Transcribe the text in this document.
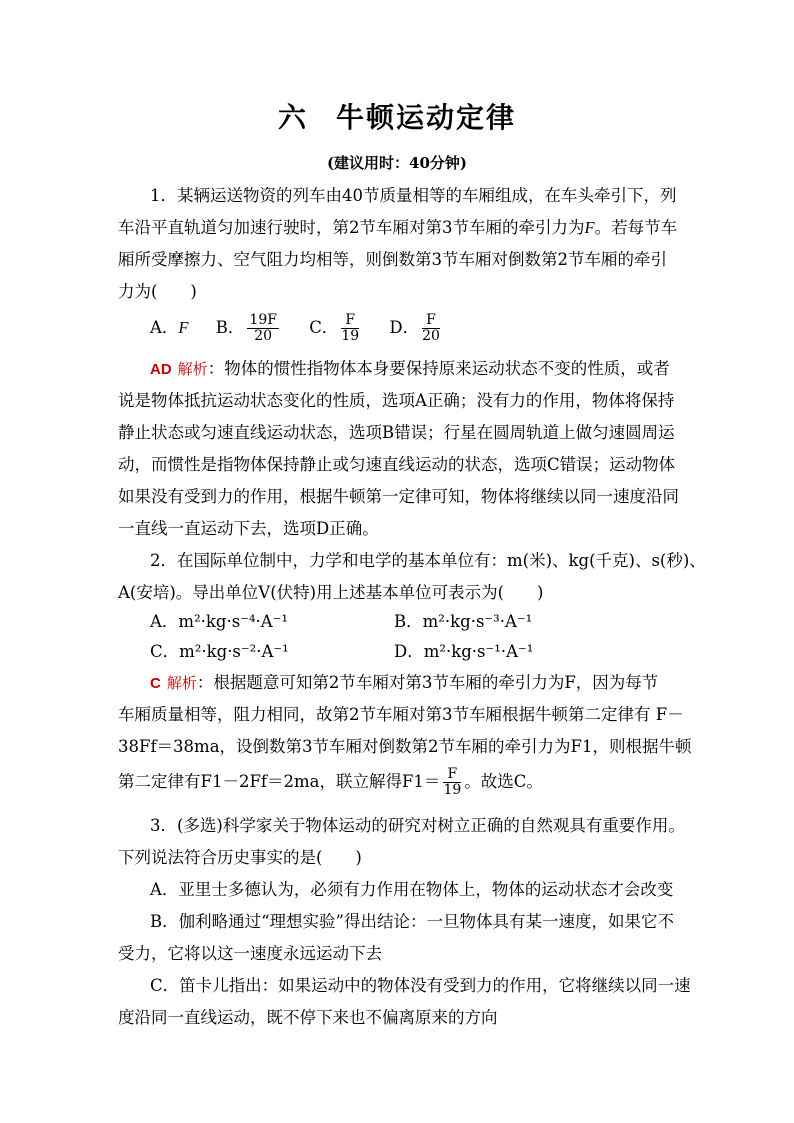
六 牛顿运动定律
(建议用时：40分钟)
1．某辆运送物资的列车由40节质量相等的车厢组成，在车头牵引下，列
车沿平直轨道匀加速行驶时，第2节车厢对第3节车厢的牵引力为F。若每节车
厢所受摩擦力、空气阻力均相等，则倒数第3节车厢对倒数第2节车厢的牵引
力为(　　)
A．F B． $\frac{19F}{20}$ C． $\frac{F}{19}$ D． $\frac{F}{20}$
AD 解析：物体的惯性指物体本身要保持原来运动状态不变的性质，或者
说是物体抵抗运动状态变化的性质，选项A正确；没有力的作用，物体将保持
静止状态或匀速直线运动状态，选项B错误；行星在圆周轨道上做匀速圆周运
动，而惯性是指物体保持静止或匀速直线运动的状态，选项C错误；运动物体
如果没有受到力的作用，根据牛顿第一定律可知，物体将继续以同一速度沿同
一直线一直运动下去，选项D正确。
2．在国际单位制中，力学和电学的基本单位有：m(米)、kg(千克)、s(秒)、
A(安培)。导出单位V(伏特)用上述基本单位可表示为(　　)
A．m²·kg·s⁻⁴·A⁻¹	B．m²·kg·s⁻³·A⁻¹
C．m²·kg·s⁻²·A⁻¹	D．m²·kg·s⁻¹·A⁻¹
C 解析：根据题意可知第2节车厢对第3节车厢的牵引力为F，因为每节
车厢质量相等，阻力相同，故第2节车厢对第3节车厢根据牛顿第二定律有 F－
38Ff＝38ma，设倒数第3节车厢对倒数第2节车厢的牵引力为F1，则根据牛顿
第二定律有F1－2Ff＝2ma，联立解得$F1= \frac{F}{19}$ 。故选C。
3．(多选)科学家关于物体运动的研究对树立正确的自然观具有重要作用。
下列说法符合历史事实的是(　　)
A．亚里士多德认为，必须有力作用在物体上，物体的运动状态才会改变
B．伽利略通过“理想实验”得出结论：一旦物体具有某一速度，如果它不
受力，它将以这一速度永远运动下去
C．笛卡儿指出：如果运动中的物体没有受到力的作用，它将继续以同一速
度沿同一直线运动，既不停下来也不偏离原来的方向
